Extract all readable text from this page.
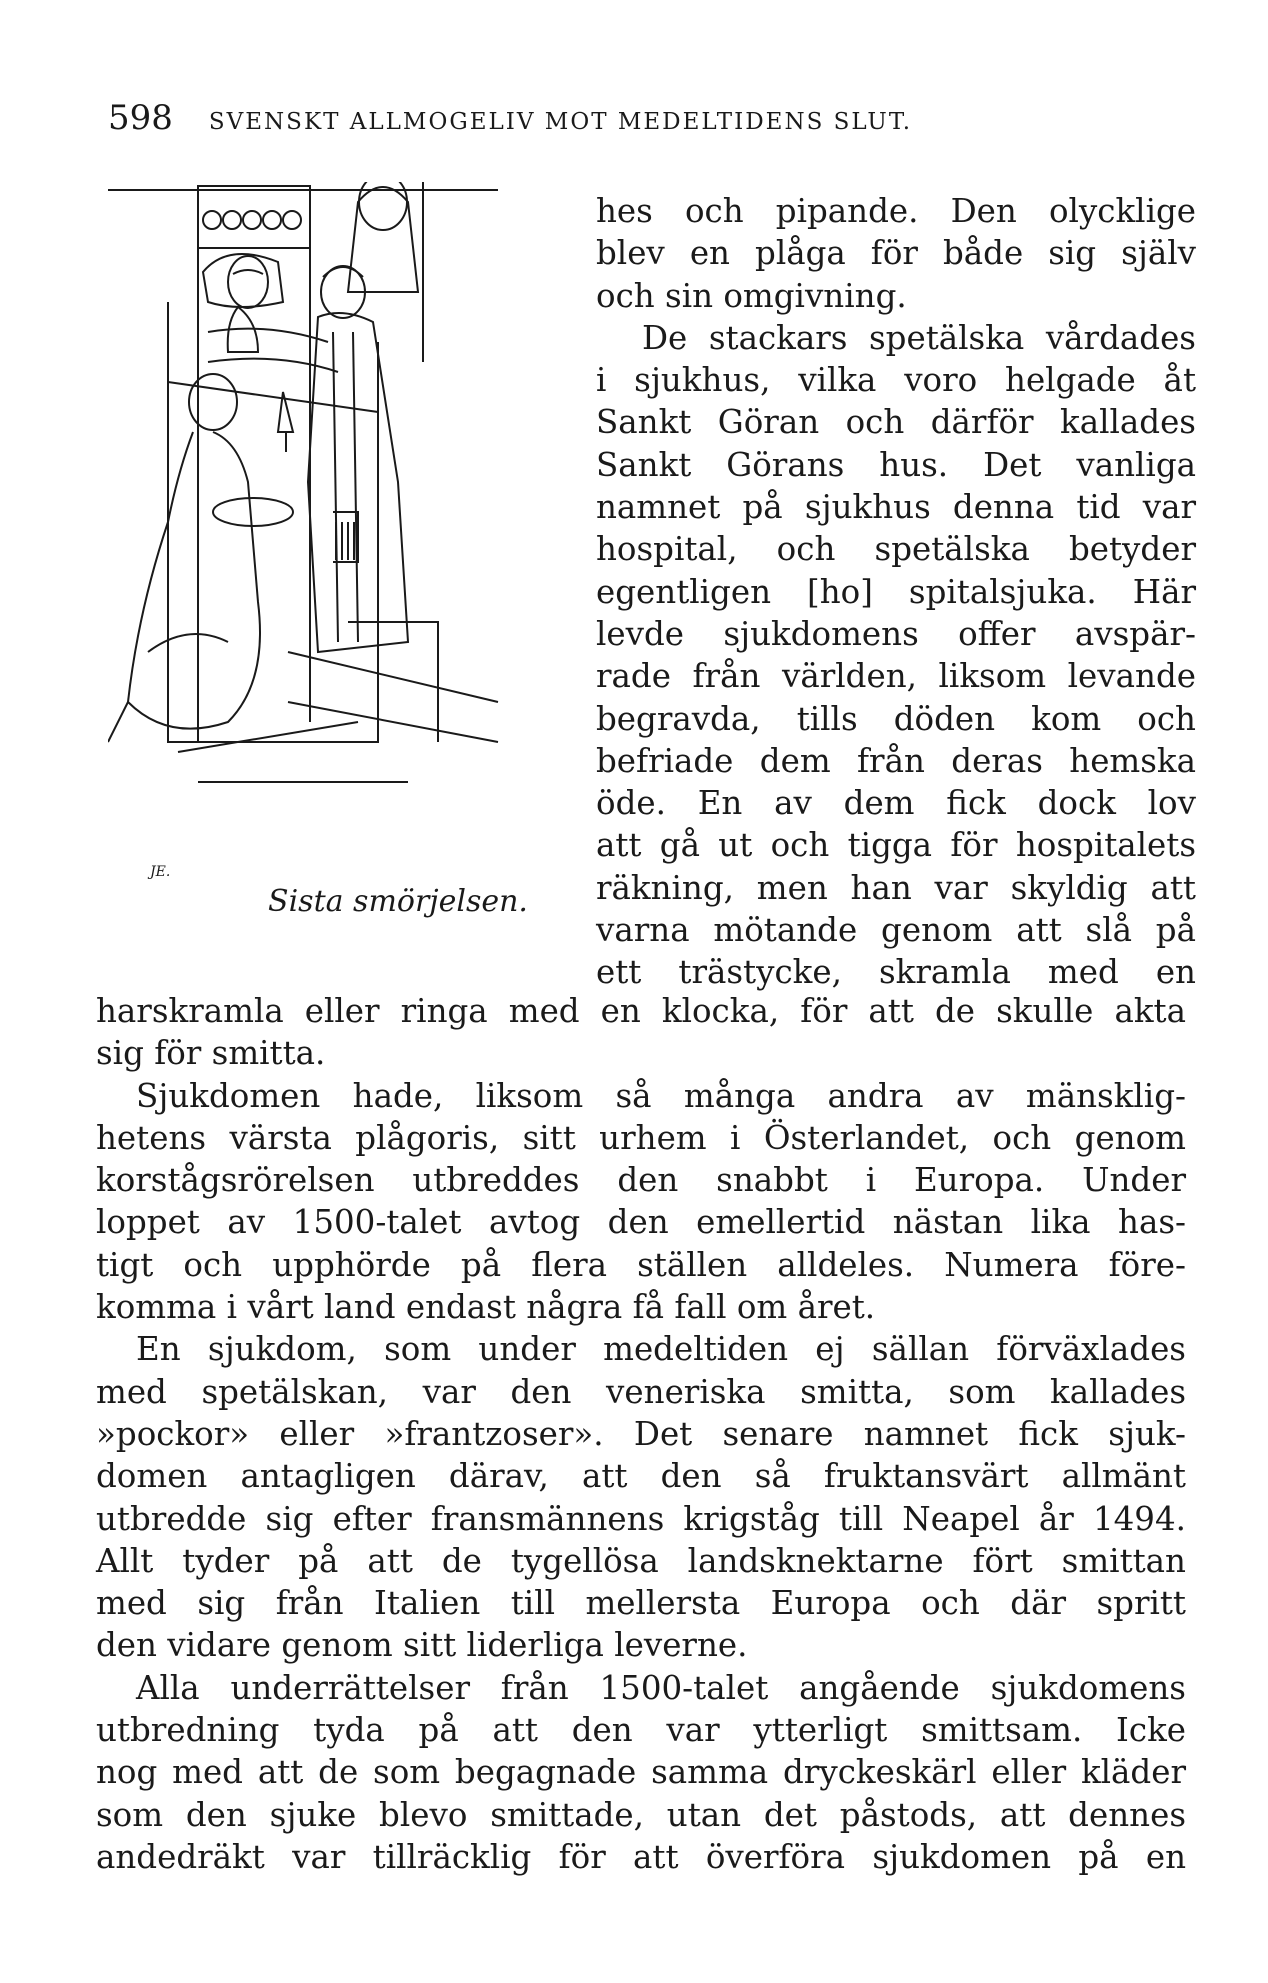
598 SVENSKT ALLMOGELIV MOT MEDELTIDENS SLUT.
JE.
Sista smörjelsen.
hes och pipande. Den olycklige
blev en plåga för både sig själv
och sin omgivning.
De stackars spetälska vårdades
i sjukhus, vilka voro helgade åt
Sankt Göran och därför kallades
Sankt Görans hus. Det vanliga
namnet på sjukhus denna tid var
hospital, och spetälska betyder
egentligen [ho] spitalsjuka. Här
levde sjukdomens offer avspär-
rade från världen, liksom levande
begravda, tills döden kom och
befriade dem från deras hemska
öde. En av dem fick dock lov
att gå ut och tigga för hospitalets
räkning, men han var skyldig att
varna mötande genom att slå på
ett trästycke, skramla med en
harskramla eller ringa med en klocka, för att de skulle akta
sig för smitta.
Sjukdomen hade, liksom så många andra av mänsklig-
hetens värsta plågoris, sitt urhem i Österlandet, och genom
korstågsrörelsen utbreddes den snabbt i Europa. Under
loppet av 1500-talet avtog den emellertid nästan lika has-
tigt och upphörde på flera ställen alldeles. Numera före-
komma i vårt land endast några få fall om året.
En sjukdom, som under medeltiden ej sällan förväxlades
med spetälskan, var den veneriska smitta, som kallades
»pockor» eller »frantzoser». Det senare namnet fick sjuk-
domen antagligen därav, att den så fruktansvärt allmänt
utbredde sig efter fransmännens krigståg till Neapel år 1494.
Allt tyder på att de tygellösa landsknektarne fört smittan
med sig från Italien till mellersta Europa och där spritt
den vidare genom sitt liderliga leverne.
Alla underrättelser från 1500-talet angående sjukdomens
utbredning tyda på att den var ytterligt smittsam. Icke
nog med att de som begagnade samma dryckeskärl eller kläder
som den sjuke blevo smittade, utan det påstods, att dennes
andedräkt var tillräcklig för att överföra sjukdomen på en
